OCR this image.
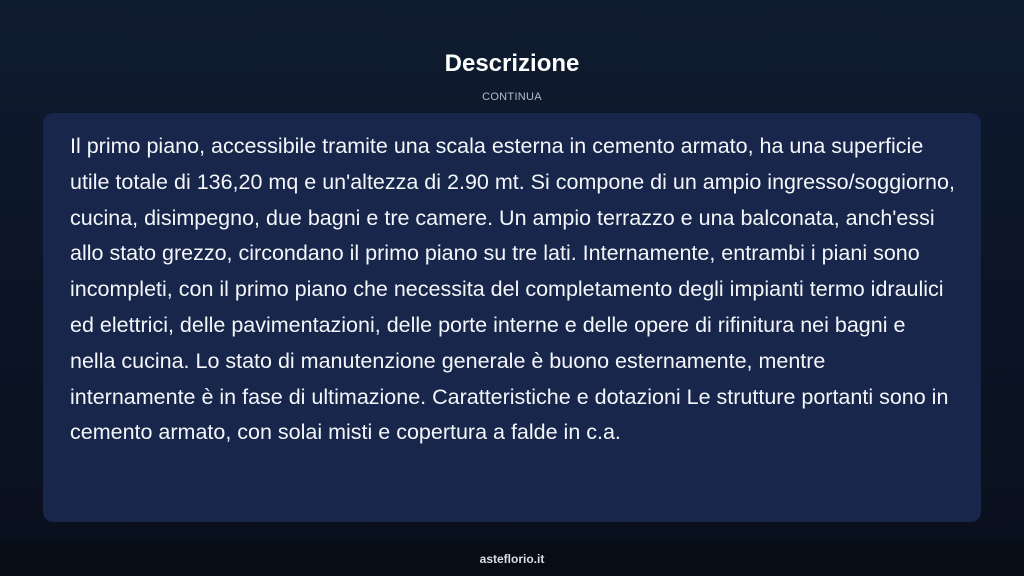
Descrizione
CONTINUA

Il primo piano, accessibile tramite una scala esterna in cemento armato, ha una superficie utile totale di 136,20 mq e un'altezza di 2.90 mt. Si compone di un ampio ingresso/soggiorno, cucina, disimpegno, due bagni e tre camere. Un ampio terrazzo e una balconata, anch'essi allo stato grezzo, circondano il primo piano su tre lati. Internamente, entrambi i piani sono incompleti, con il primo piano che necessita del completamento degli impianti termo idraulici ed elettrici, delle pavimentazioni, delle porte interne e delle opere di rifinitura nei bagni e nella cucina. Lo stato di manutenzione generale è buono esternamente, mentre internamente è in fase di ultimazione. Caratteristiche e dotazioni Le strutture portanti sono in cemento armato, con solai misti e copertura a falde in c.a.

asteflorio.it
